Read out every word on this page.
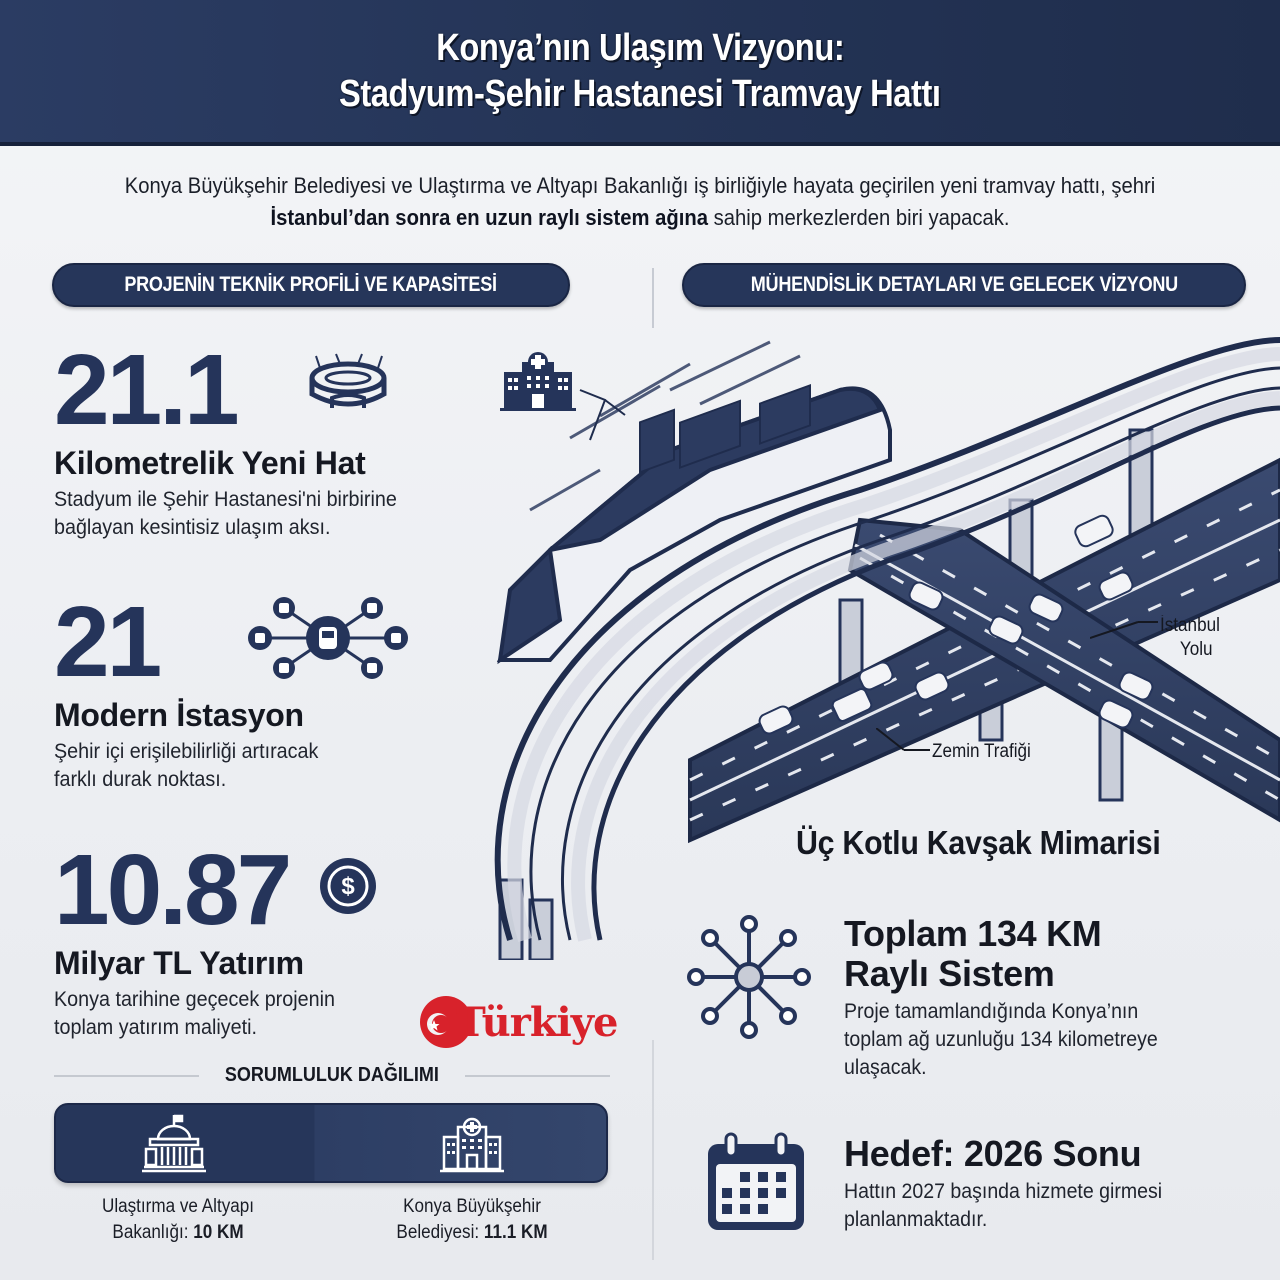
Konya’nın Ulaşım Vizyonu:
Stadyum-Şehir Hastanesi Tramvay Hattı
Konya Büyükşehir Belediyesi ve Ulaştırma ve Altyapı Bakanlığı iş birliğiyle hayata geçirilen yeni tramvay hattı, şehri İstanbul’dan sonra en uzun raylı sistem ağına sahip merkezlerden biri yapacak.
PROJENİN TEKNİK PROFİLİ VE KAPASİTESİ	MÜHENDİSLİK DETAYLARI VE GELECEK VİZYONU
21.1
Kilometrelik Yeni Hat
Stadyum ile Şehir Hastanesi'ni birbirine
bağlayan kesintisiz ulaşım aksı.
21
Modern İstasyon
Şehir içi erişilebilirliği artıracak
farklı durak noktası.
10.87
Milyar TL Yatırım
Konya tarihine geçecek projenin
toplam yatırım maliyeti.
$
Türkiye
SORUMLULUK DAĞILIMI
Ulaştırma ve Altyapı
Bakanlığı: 10 KM
Konya Büyükşehir
Belediyesi: 11.1 KM
İstanbul
Yolu
Zemin Trafiği
Üç Kotlu Kavşak Mimarisi
Toplam 134 KM
Raylı Sistem
Proje tamamlandığında Konya’nın
toplam ağ uzunluğu 134 kilometreye
ulaşacak.
Hedef: 2026 Sonu
Hattın 2027 başında hizmete girmesi
planlanmaktadır.
